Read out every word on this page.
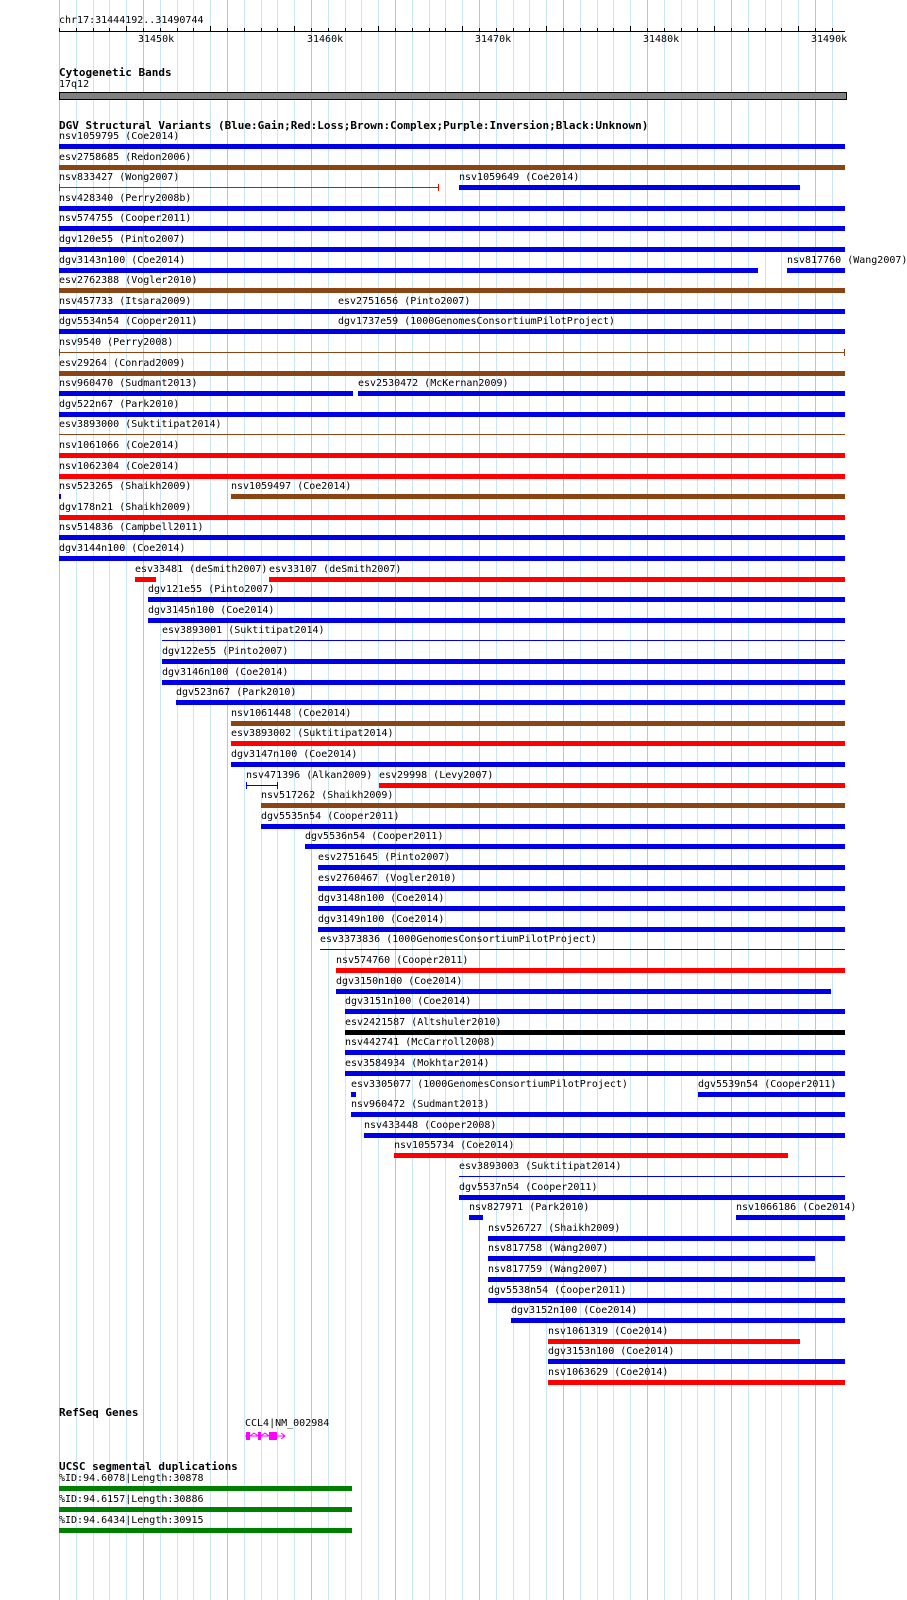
chr17:31444192..31490744
31450k	31460k	31470k	31480k	31490k
Cytogenetic Bands
17q12
DGV Structural Variants (Blue:Gain;Red:Loss;Brown:Complex;Purple:Inversion;Black:Unknown)
nsv1059795 (Coe2014)
esv2758685 (Redon2006)
nsv833427 (Wong2007)	nsv1059649 (Coe2014)
nsv428340 (Perry2008b)
nsv574755 (Cooper2011)
dgv120e55 (Pinto2007)
dgv3143n100 (Coe2014)	nsv817760 (Wang2007)
esv2762388 (Vogler2010)
nsv457733 (Itsara2009)	esv2751656 (Pinto2007)
dgv5534n54 (Cooper2011)	dgv1737e59 (1000GenomesConsortiumPilotProject)
nsv9540 (Perry2008)
esv29264 (Conrad2009)
nsv960470 (Sudmant2013)	esv2530472 (McKernan2009)
dgv522n67 (Park2010)
esv3893000 (Suktitipat2014)
nsv1061066 (Coe2014)
nsv1062304 (Coe2014)
nsv523265 (Shaikh2009)	nsv1059497 (Coe2014)
dgv178n21 (Shaikh2009)
nsv514836 (Campbell2011)
dgv3144n100 (Coe2014)
esv33481 (deSmith2007) esv33107 (deSmith2007)
dgv121e55 (Pinto2007)
dgv3145n100 (Coe2014)
esv3893001 (Suktitipat2014)
dgv122e55 (Pinto2007)
dgv3146n100 (Coe2014)
dgv523n67 (Park2010)
nsv1061448 (Coe2014)
esv3893002 (Suktitipat2014)
dgv3147n100 (Coe2014)
nsv471396 (Alkan2009) esv29998 (Levy2007)
nsv517262 (Shaikh2009)
dgv5535n54 (Cooper2011)
dgv5536n54 (Cooper2011)
esv2751645 (Pinto2007)
esv2760467 (Vogler2010)
dgv3148n100 (Coe2014)
dgv3149n100 (Coe2014)
esv3373836 (1000GenomesConsortiumPilotProject)
nsv574760 (Cooper2011)
dgv3150n100 (Coe2014)
dgv3151n100 (Coe2014)
esv2421587 (Altshuler2010)
nsv442741 (McCarroll2008)
esv3584934 (Mokhtar2014)
esv3305077 (1000GenomesConsortiumPilotProject)	dgv5539n54 (Cooper2011)
nsv960472 (Sudmant2013)
nsv433448 (Cooper2008)
nsv1055734 (Coe2014)
esv3893003 (Suktitipat2014)
dgv5537n54 (Cooper2011)
nsv827971 (Park2010)	nsv1066186 (Coe2014)
nsv526727 (Shaikh2009)
nsv817758 (Wang2007)
nsv817759 (Wang2007)
dgv5538n54 (Cooper2011)
dgv3152n100 (Coe2014)
nsv1061319 (Coe2014)
dgv3153n100 (Coe2014)
nsv1063629 (Coe2014)
RefSeq Genes
CCL4|NM_002984
UCSC segmental duplications
%ID:94.6078|Length:30878
%ID:94.6157|Length:30886
%ID:94.6434|Length:30915
